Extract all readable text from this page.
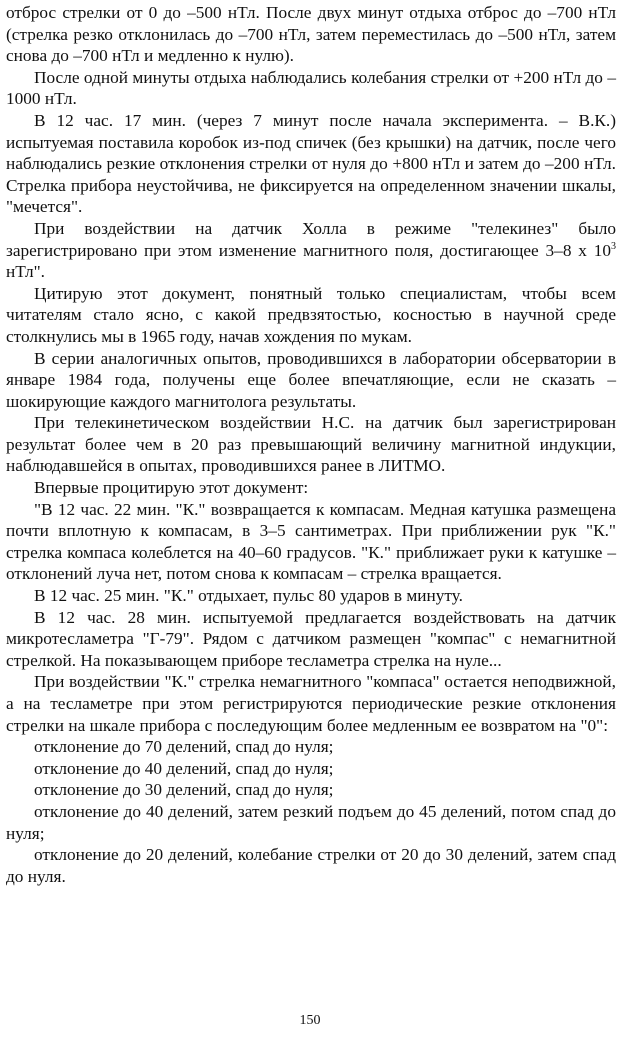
отброс стрелки от 0 до –500 нТл. После двух минут отдыха отброс до –700 нТл (стрелка резко отклонилась до –700 нТл, затем переместилась до –500 нТл, затем снова до –700 нТл и медленно к нулю).

После одной минуты отдыха наблюдались колебания стрелки от +200 нТл до –1000 нТл.

В 12 час. 17 мин. (через 7 минут после начала эксперимента. – В.К.) испытуемая поставила коробок из-под спичек (без крышки) на датчик, после чего наблюдались резкие отклонения стрелки от нуля до +800 нТл и затем до –200 нТл. Стрелка прибора неустойчива, не фиксируется на определенном значении шкалы, "мечется".

При воздействии на датчик Холла в режиме "телекинез" было зарегистрировано при этом изменение магнитного поля, достигающее 3–8 x $10^3$ нТл".

Цитирую этот документ, понятный только специалистам, чтобы всем читателям стало ясно, с какой предвзятостью, косностью в научной среде столкнулись мы в 1965 году, начав хождения по мукам.

В серии аналогичных опытов, проводившихся в лаборатории обсерватории в январе 1984 года, получены еще более впечатляющие, если не сказать – шокирующие каждого магнитолога результаты.

При телекинетическом воздействии Н.С. на датчик был зарегистрирован результат более чем в 20 раз превышающий величину магнитной индукции, наблюдавшейся в опытах, проводившихся ранее в ЛИТМО.

Впервые процитирую этот документ:

"В 12 час. 22 мин. "К." возвращается к компасам. Медная катушка размещена почти вплотную к компасам, в 3–5 сантиметрах. При приближении рук "К." стрелка компаса колеблется на 40–60 градусов. "К." приближает руки к катушке – отклонений луча нет, потом снова к компасам – стрелка вращается.

В 12 час. 25 мин. "К." отдыхает, пульс 80 ударов в минуту.

В 12 час. 28 мин. испытуемой предлагается воздействовать на датчик микротесламетра "Г-79". Рядом с датчиком размещен "компас" с немагнитной стрелкой. На показывающем приборе тесламетра стрелка на нуле...

При воздействии "К." стрелка немагнитного "компаса" остается неподвижной, а на тесламетре при этом регистрируются периодические резкие отклонения стрелки на шкале прибора с последующим более медленным ее возвратом на "0":

отклонение до 70 делений, спад до нуля;

отклонение до 40 делений, спад до нуля;

отклонение до 30 делений, спад до нуля;

отклонение до 40 делений, затем резкий подъем до 45 делений, потом спад до нуля;

отклонение до 20 делений, колебание стрелки от 20 до 30 делений, затем спад до нуля.

150
